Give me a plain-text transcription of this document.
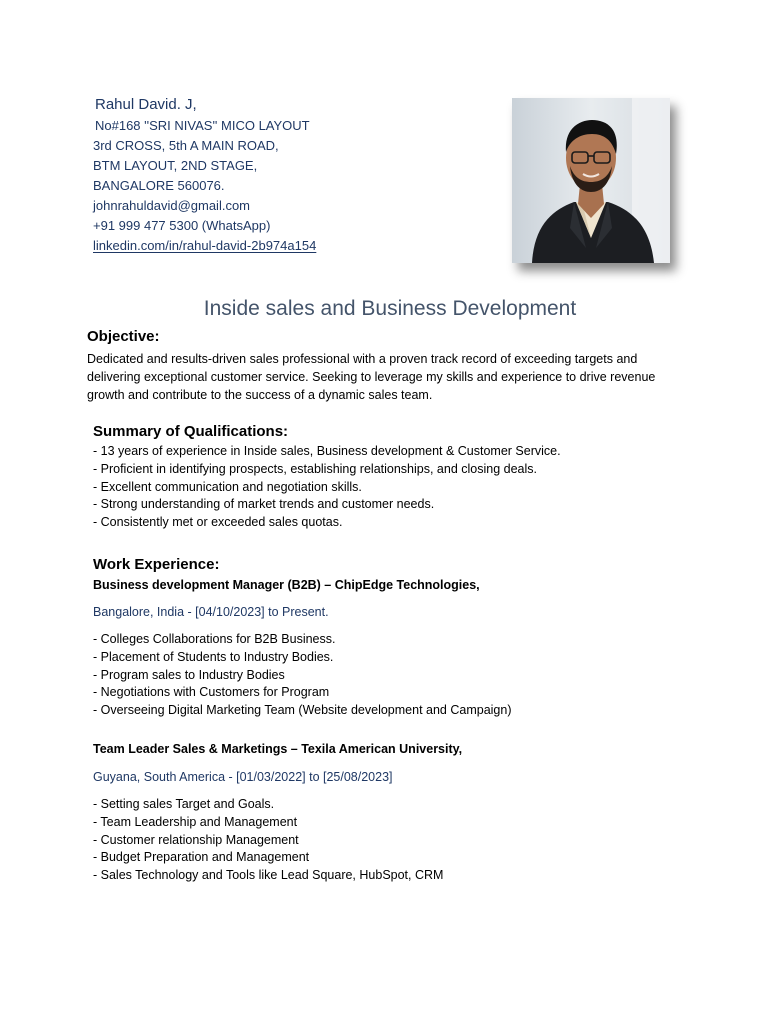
Rahul David. J,
No#168 ''SRI NIVAS'' MICO LAYOUT
3rd CROSS, 5th A MAIN ROAD,
BTM LAYOUT, 2ND STAGE,
BANGALORE 560076.
johnrahuldavid@gmail.com
+91 999 477 5300 (WhatsApp)
linkedin.com/in/rahul-david-2b974a154
Inside sales and Business Development
Objective:
Dedicated and results-driven sales professional with a proven track record of exceeding targets and delivering exceptional customer service. Seeking to leverage my skills and experience to drive revenue growth and contribute to the success of a dynamic sales team.
Summary of Qualifications:
- 13 years of experience in Inside sales, Business development & Customer Service.
- Proficient in identifying prospects, establishing relationships, and closing deals.
- Excellent communication and negotiation skills.
- Strong understanding of market trends and customer needs.
- Consistently met or exceeded sales quotas.
Work Experience:
Business development Manager (B2B) – ChipEdge Technologies,
Bangalore, India - [04/10/2023] to Present.
- Colleges Collaborations for B2B Business.
- Placement of Students to Industry Bodies.
- Program sales to Industry Bodies
- Negotiations with Customers for Program
- Overseeing Digital Marketing Team (Website development and Campaign)
Team Leader Sales & Marketings – Texila American University,
Guyana, South America - [01/03/2022] to [25/08/2023]
- Setting sales Target and Goals.
- Team Leadership and Management
- Customer relationship Management
- Budget Preparation and Management
- Sales Technology and Tools like Lead Square, HubSpot, CRM
